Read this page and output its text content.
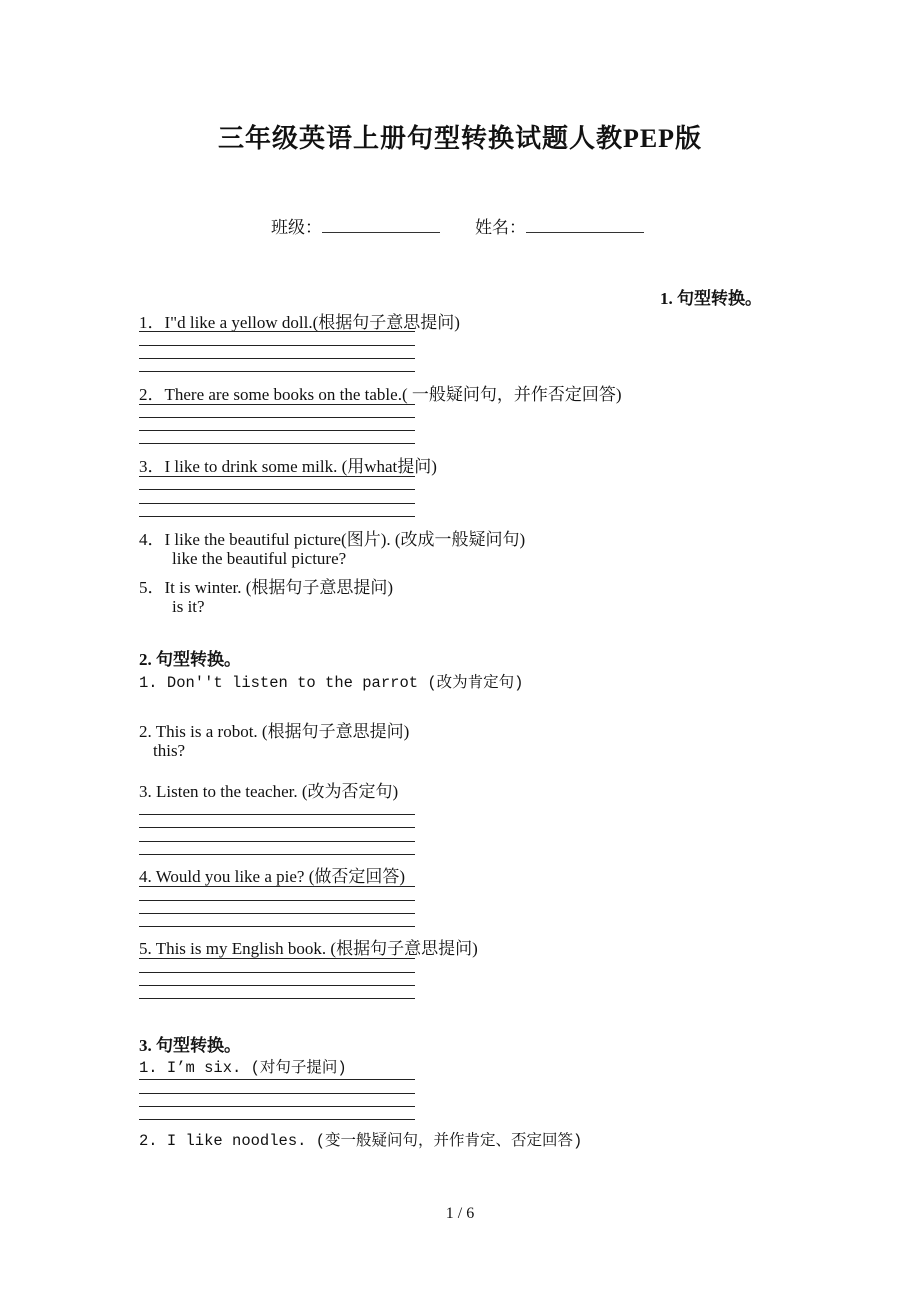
三年级英语上册句型转换试题人教PEP版
班级：	姓名：
1. 句型转换。
1．I"d like a yellow doll.(根据句子意思提问)
2．There are some books on the table.( 一般疑问句，并作否定回答)
3．I like to drink some milk. (用what提问)
4．I like the beautiful picture(图片). (改成一般疑问句)
like the beautiful picture?
5．It is winter. (根据句子意思提问)
is it?
2. 句型转换。
1. Don''t listen to the parrot (改为肯定句)
2. This is a robot. (根据句子意思提问)
this?
3. Listen to the teacher. (改为否定句)
4. Would you like a pie? (做否定回答)
5. This is my English book. (根据句子意思提问)
3. 句型转换。
1. I’m six. (对句子提问)
2. I like noodles. (变一般疑问句，并作肯定、否定回答)
1 / 6
